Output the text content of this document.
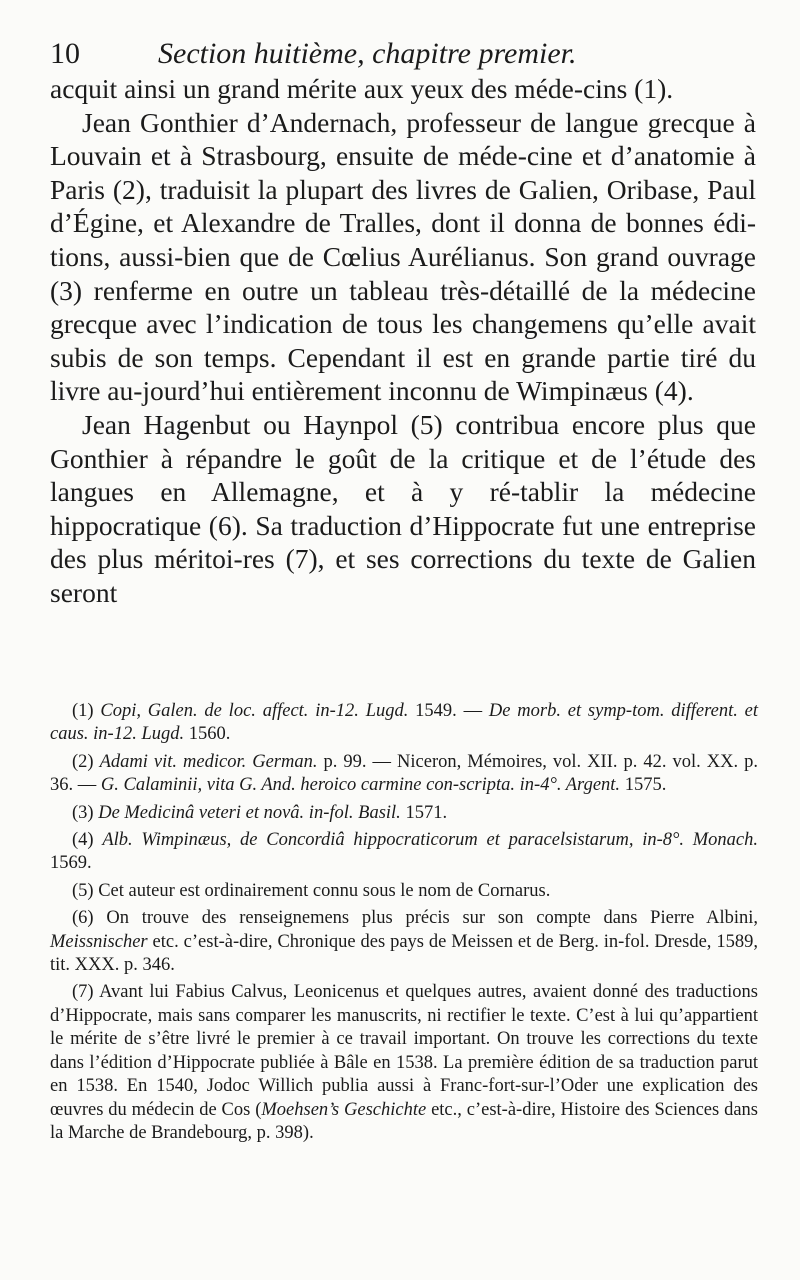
10	Section huitième, chapitre premier.

acquit ainsi un grand mérite aux yeux des méde-cins (1).

Jean Gonthier d’Andernach, professeur de langue grecque à Louvain et à Strasbourg, ensuite de méde-cine et d’anatomie à Paris (2), traduisit la plupart des livres de Galien, Oribase, Paul d’Égine, et Alexandre de Tralles, dont il donna de bonnes édi-tions, aussi-bien que de Cœlius Aurélianus. Son grand ouvrage (3) renferme en outre un tableau très-détaillé de la médecine grecque avec l’indication de tous les changemens qu’elle avait subis de son temps. Cependant il est en grande partie tiré du livre au-jourd’hui entièrement inconnu de Wimpinæus (4).

Jean Hagenbut ou Haynpol (5) contribua encore plus que Gonthier à répandre le goût de la critique et de l’étude des langues en Allemagne, et à y ré-tablir la médecine hippocratique (6). Sa traduction d’Hippocrate fut une entreprise des plus méritoi-res (7), et ses corrections du texte de Galien seront

(1) Copi, Galen. de loc. affect. in-12. Lugd. 1549. — De morb. et symp-tom. different. et caus. in-12. Lugd. 1560.

(2) Adami vit. medicor. German. p. 99. — Niceron, Mémoires, vol. XII. p. 42. vol. XX. p. 36. — G. Calaminii, vita G. And. heroico carmine con-scripta. in-4°. Argent. 1575.

(3) De Medicinâ veteri et novâ. in-fol. Basil. 1571.

(4) Alb. Wimpinæus, de Concordiâ hippocraticorum et paracelsistarum, in-8°. Monach. 1569.

(5) Cet auteur est ordinairement connu sous le nom de Cornarus.

(6) On trouve des renseignemens plus précis sur son compte dans Pierre Albini, Meissnischer etc. c’est-à-dire, Chronique des pays de Meissen et de Berg. in-fol. Dresde, 1589, tit. XXX. p. 346.

(7) Avant lui Fabius Calvus, Leonicenus et quelques autres, avaient donné des traductions d’Hippocrate, mais sans comparer les manuscrits, ni rectifier le texte. C’est à lui qu’appartient le mérite de s’être livré le premier à ce travail important. On trouve les corrections du texte dans l’édition d’Hippocrate publiée à Bâle en 1538. La première édition de sa traduction parut en 1538. En 1540, Jodoc Willich publia aussi à Franc-fort-sur-l’Oder une explication des œuvres du médecin de Cos (Moehsen’s Geschichte etc., c’est-à-dire, Histoire des Sciences dans la Marche de Brandebourg, p. 398).
